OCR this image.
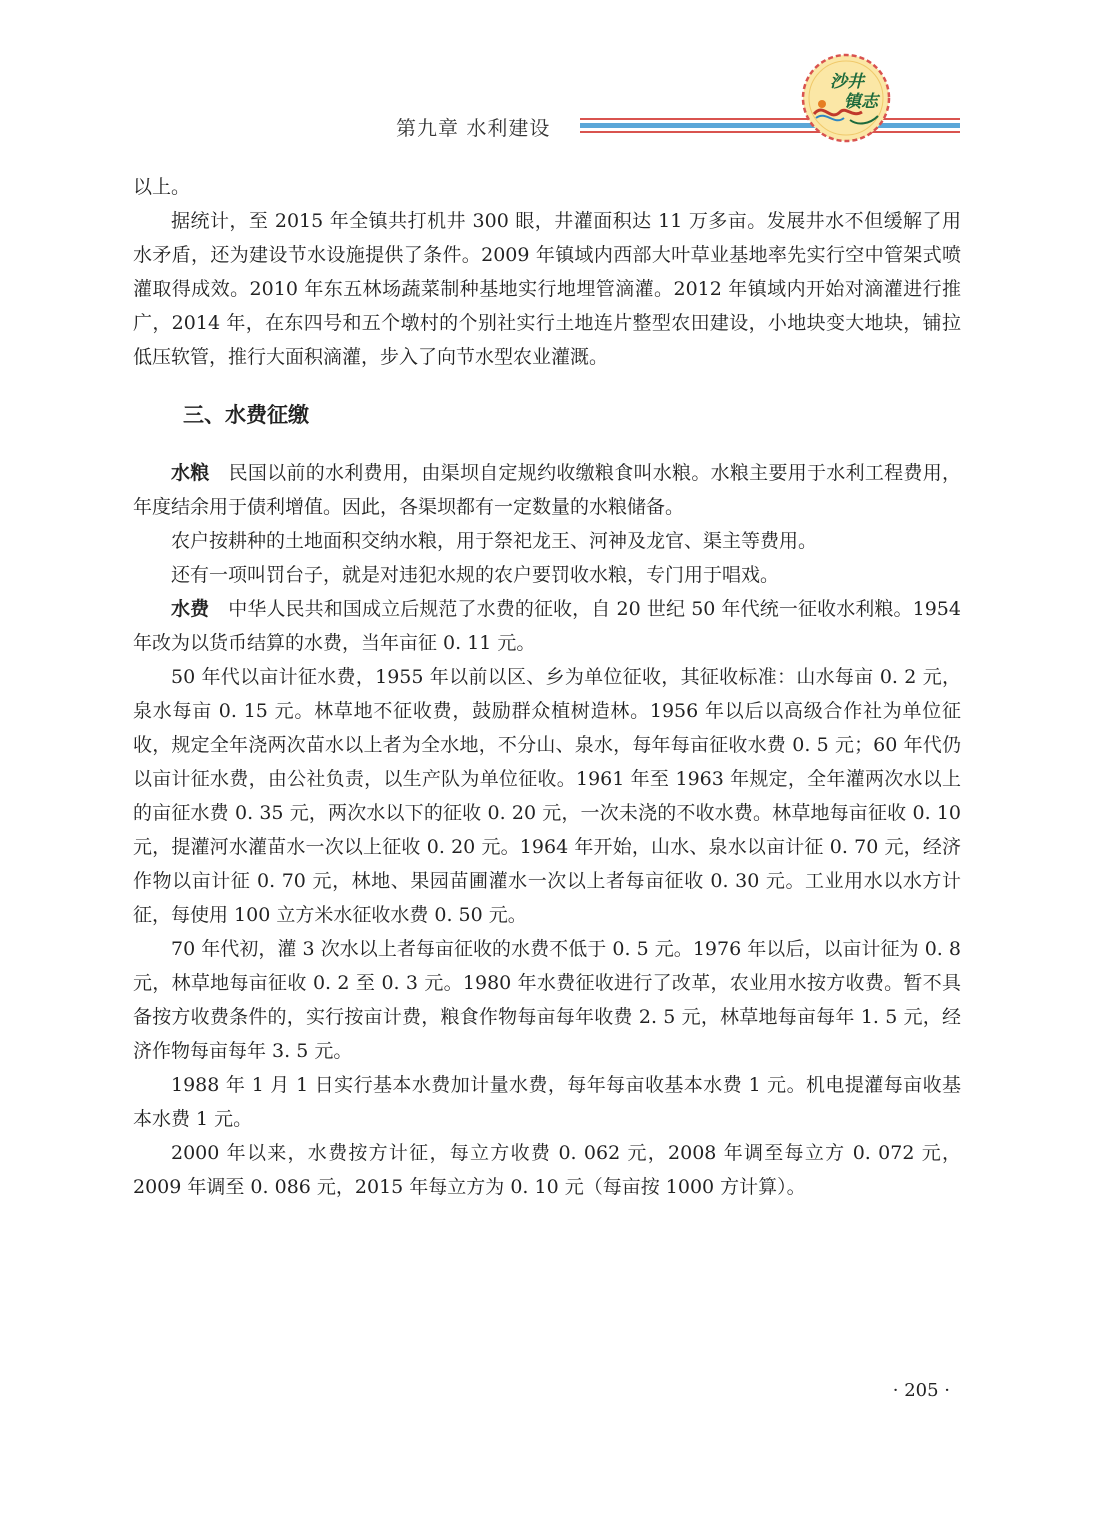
第九章 水利建设
沙井
镇志

以上。

据统计，至 2015 年全镇共打机井 300 眼，井灌面积达 11 万多亩。发展井水不但缓解了用水矛盾，还为建设节水设施提供了条件。2009 年镇域内西部大叶草业基地率先实行空中管架式喷灌取得成效。2010 年东五林场蔬菜制种基地实行地埋管滴灌。2012 年镇域内开始对滴灌进行推广，2014 年，在东四号和五个墩村的个别社实行土地连片整型农田建设，小地块变大地块，铺拉低压软管，推行大面积滴灌，步入了向节水型农业灌溉。

三、水费征缴

水粮 民国以前的水利费用，由渠坝自定规约收缴粮食叫水粮。水粮主要用于水利工程费用，年度结余用于债利增值。因此，各渠坝都有一定数量的水粮储备。

农户按耕种的土地面积交纳水粮，用于祭祀龙王、河神及龙官、渠主等费用。

还有一项叫罚台子，就是对违犯水规的农户要罚收水粮，专门用于唱戏。

水费 中华人民共和国成立后规范了水费的征收，自 20 世纪 50 年代统一征收水利粮。1954 年改为以货币结算的水费，当年亩征 0. 11 元。

50 年代以亩计征水费，1955 年以前以区、乡为单位征收，其征收标准：山水每亩 0. 2 元，泉水每亩 0. 15 元。林草地不征收费，鼓励群众植树造林。1956 年以后以高级合作社为单位征收，规定全年浇两次苗水以上者为全水地，不分山、泉水，每年每亩征收水费 0. 5 元；60 年代仍以亩计征水费，由公社负责，以生产队为单位征收。1961 年至 1963 年规定，全年灌两次水以上的亩征水费 0. 35 元，两次水以下的征收 0. 20 元，一次未浇的不收水费。林草地每亩征收 0. 10 元，提灌河水灌苗水一次以上征收 0. 20 元。1964 年开始，山水、泉水以亩计征 0. 70 元，经济作物以亩计征 0. 70 元，林地、果园苗圃灌水一次以上者每亩征收 0. 30 元。工业用水以水方计征，每使用 100 立方米水征收水费 0. 50 元。

70 年代初，灌 3 次水以上者每亩征收的水费不低于 0. 5 元。1976 年以后，以亩计征为 0. 8 元，林草地每亩征收 0. 2 至 0. 3 元。1980 年水费征收进行了改革，农业用水按方收费。暂不具备按方收费条件的，实行按亩计费，粮食作物每亩每年收费 2. 5 元，林草地每亩每年 1. 5 元，经济作物每亩每年 3. 5 元。

1988 年 1 月 1 日实行基本水费加计量水费，每年每亩收基本水费 1 元。机电提灌每亩收基本水费 1 元。

2000 年以来，水费按方计征，每立方收费 0. 062 元，2008 年调至每立方 0. 072 元，2009 年调至 0. 086 元，2015 年每立方为 0. 10 元（每亩按 1000 方计算）。

· 205 ·
